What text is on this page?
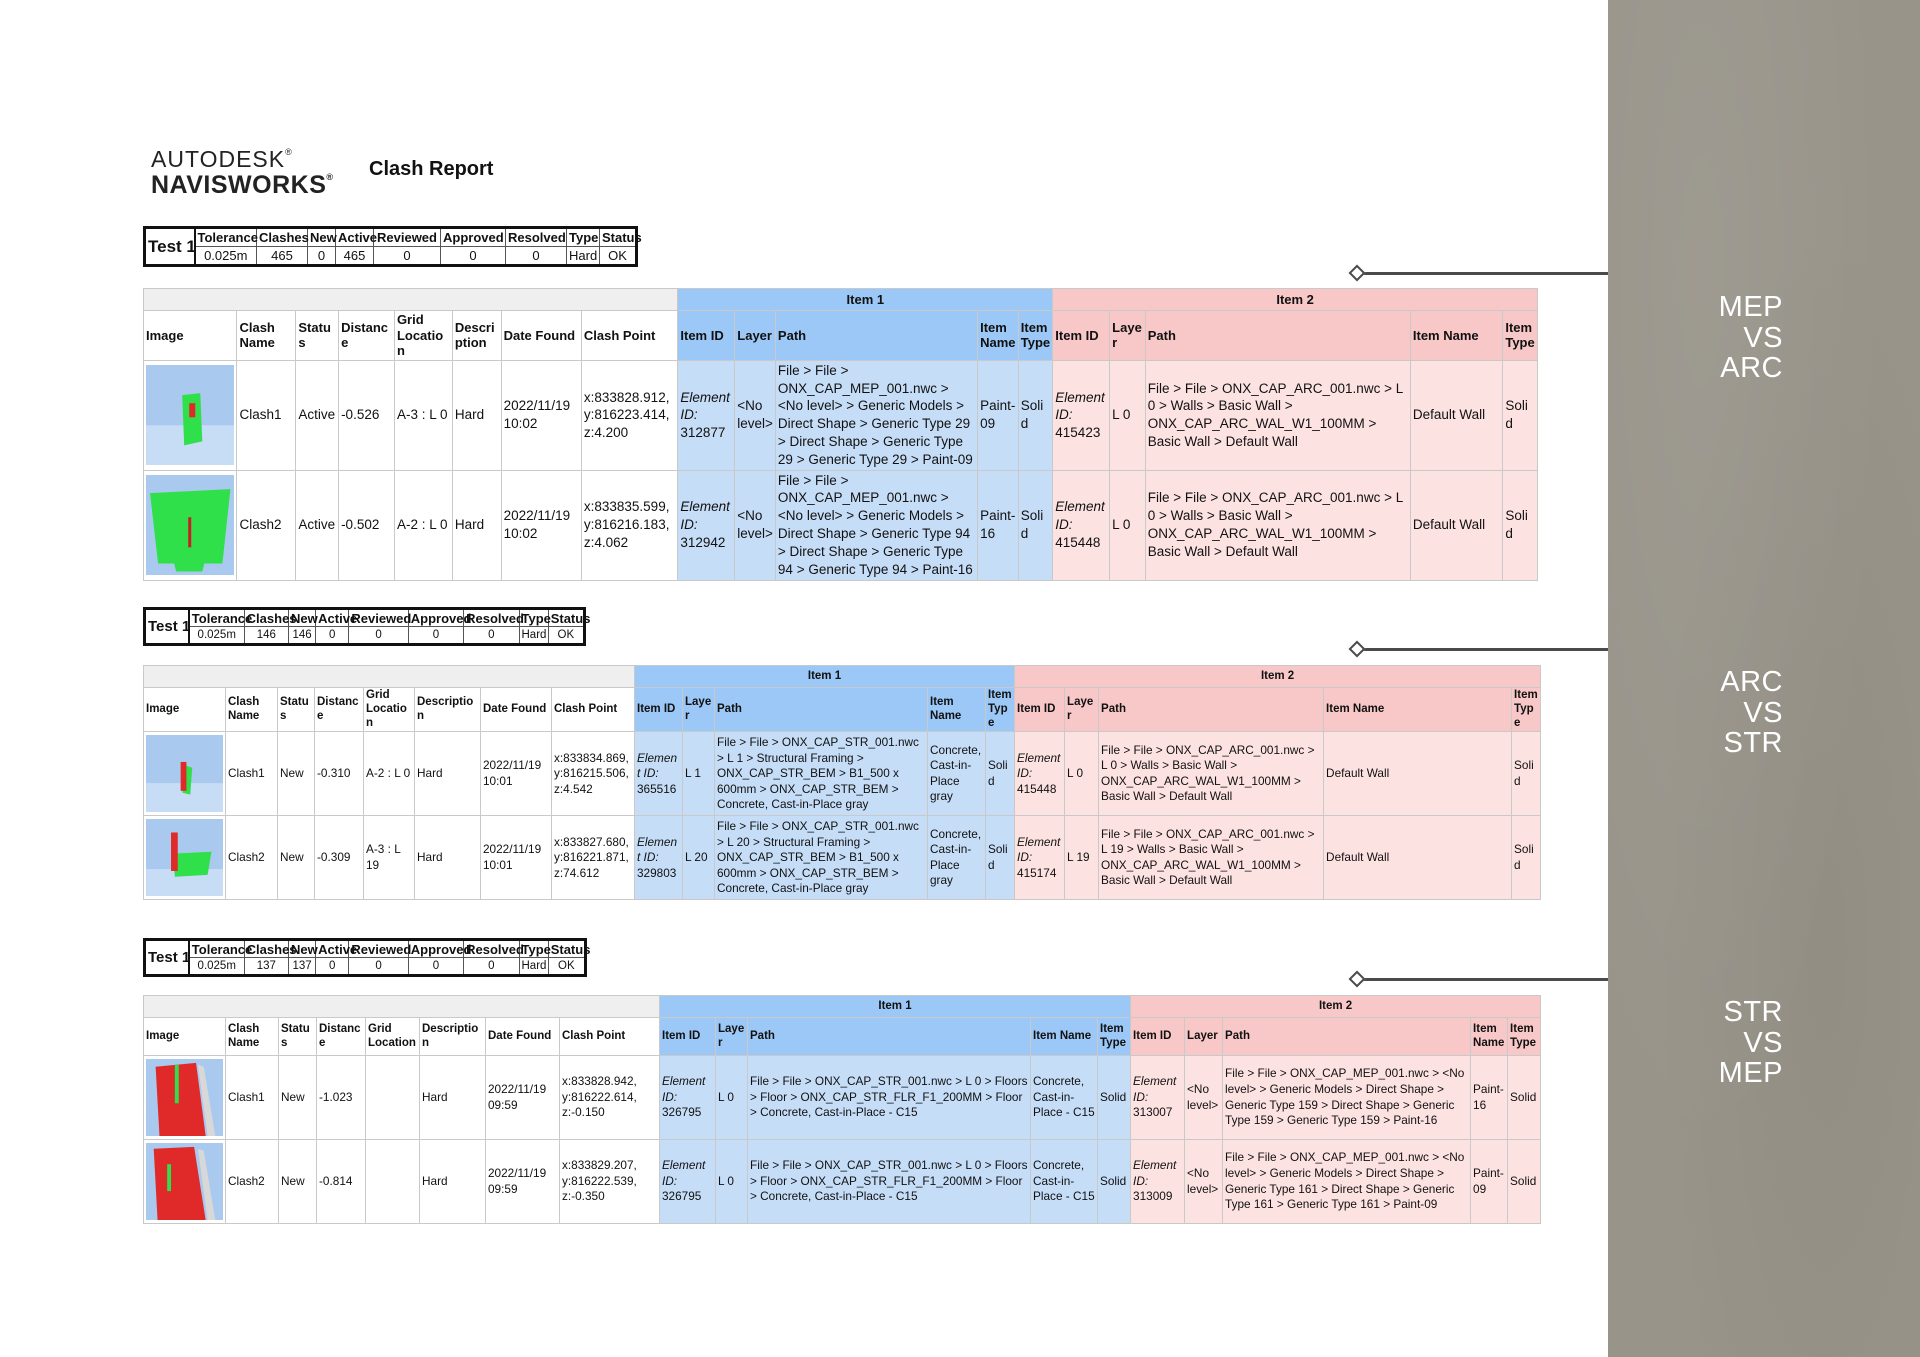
AUTODESK®
NAVISWORKS® Clash Report
Test 1	Tolerance	Clashes	New	Active	Reviewed	Approved	Resolved	Type	Status
	0.025m	465	0	465	0	0	0	Hard	OK
								Item 1					Item 2				
Image	Clash Name	Status	Distance	Grid Location	Description	Date Found	Clash Point	Item ID	Layer	Path	Item Name	Item Type	Item ID	Layer	Path	Item Name	Item Type

	Clash1	Active	-0.526	A-3 : L 0	Hard	2022/11/19 10:02	x:833828.912, y:816223.414, z:4.200	Element ID: 312877	<No level>	File > File > ONX_CAP_MEP_001.nwc > <No level> > Generic Models > Direct Shape > Generic Type 29 > Direct Shape > Generic Type 29 > Generic Type 29 > Paint-09	Paint-09	Solid	Element ID: 415423	L 0	File > File > ONX_CAP_ARC_001.nwc > L 0 > Walls > Basic Wall > ONX_CAP_ARC_WAL_W1_100MM > Basic Wall > Default Wall	Default Wall	Solid

	Clash2	Active	-0.502	A-2 : L 0	Hard	2022/11/19 10:02	x:833835.599, y:816216.183, z:4.062	Element ID: 312942	<No level>	File > File > ONX_CAP_MEP_001.nwc > <No level> > Generic Models > Direct Shape > Generic Type 94 > Direct Shape > Generic Type 94 > Generic Type 94 > Paint-16	Paint-16	Solid	Element ID: 415448	L 0	File > File > ONX_CAP_ARC_001.nwc > L 0 > Walls > Basic Wall > ONX_CAP_ARC_WAL_W1_100MM > Basic Wall > Default Wall	Default Wall	Solid
Test 1	Tolerance	Clashes	New	Active	Reviewed	Approved	Resolved	Type	Status
	0.025m	146	146	0	0	0	0	Hard	OK
								Item 1					Item 2				
Image	Clash Name	Status	Distance	Grid Location	Description	Date Found	Clash Point	Item ID	Layer	Path	Item Name	Item Type	Item ID	Layer	Path	Item Name	Item Type

	Clash1	New	-0.310	A-2 : L 0	Hard	2022/11/19 10:01	x:833834.869, y:816215.506, z:4.542	Element ID: 365516	L 1	File > File > ONX_CAP_STR_001.nwc > L 1 > Structural Framing > ONX_CAP_STR_BEM > B1_500 x 600mm > ONX_CAP_STR_BEM > Concrete, Cast-in-Place gray	Concrete, Cast-in-Place gray	Solid	Element ID: 415448	L 0	File > File > ONX_CAP_ARC_001.nwc > L 0 > Walls > Basic Wall > ONX_CAP_ARC_WAL_W1_100MM > Basic Wall > Default Wall	Default Wall	Solid

	Clash2	New	-0.309	A-3 : L 19	Hard	2022/11/19 10:01	x:833827.680, y:816221.871, z:74.612	Element ID: 329803	L 20	File > File > ONX_CAP_STR_001.nwc > L 20 > Structural Framing > ONX_CAP_STR_BEM > B1_500 x 600mm > ONX_CAP_STR_BEM > Concrete, Cast-in-Place gray	Concrete, Cast-in-Place gray	Solid	Element ID: 415174	L 19	File > File > ONX_CAP_ARC_001.nwc > L 19 > Walls > Basic Wall > ONX_CAP_ARC_WAL_W1_100MM > Basic Wall > Default Wall	Default Wall	Solid
Test 1	Tolerance	Clashes	New	Active	Reviewed	Approved	Resolved	Type	Status
	0.025m	137	137	0	0	0	0	Hard	OK
								Item 1					Item 2				
Image	Clash Name	Status	Distance	Grid Location	Description	Date Found	Clash Point	Item ID	Layer	Path	Item Name	Item Type	Item ID	Layer	Path	Item Name	Item Type

	Clash1	New	-1.023		Hard	2022/11/19 09:59	x:833828.942, y:816222.614, z:-0.150	Element ID: 326795	L 0	File > File > ONX_CAP_STR_001.nwc > L 0 > Floors > Floor > ONX_CAP_STR_FLR_F1_200MM > Floor > Concrete, Cast-in-Place - C15	Concrete, Cast-in-Place - C15	Solid	Element ID: 313007	<No level>	File > File > ONX_CAP_MEP_001.nwc > <No level> > Generic Models > Direct Shape > Generic Type 159 > Direct Shape > Generic Type 159 > Generic Type 159 > Paint-16	Paint-16	Solid

	Clash2	New	-0.814		Hard	2022/11/19 09:59	x:833829.207, y:816222.539, z:-0.350	Element ID: 326795	L 0	File > File > ONX_CAP_STR_001.nwc > L 0 > Floors > Floor > ONX_CAP_STR_FLR_F1_200MM > Floor > Concrete, Cast-in-Place - C15	Concrete, Cast-in-Place - C15	Solid	Element ID: 313009	<No level>	File > File > ONX_CAP_MEP_001.nwc > <No level> > Generic Models > Direct Shape > Generic Type 161 > Direct Shape > Generic Type 161 > Generic Type 161 > Paint-09	Paint-09	Solid
MEP
VS
ARC
ARC
VS
STR
STR
VS
MEP
